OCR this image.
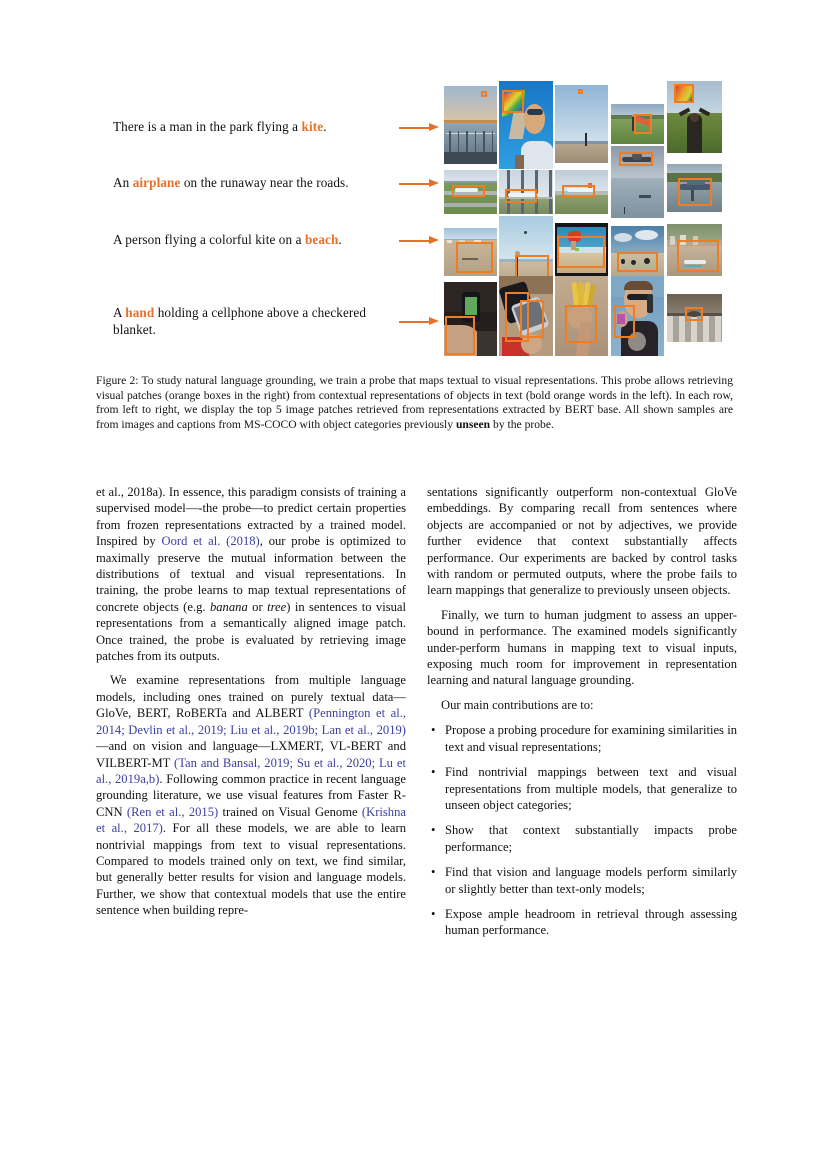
There is a man in the park flying a kite.
An airplane on the runaway near the roads.
A person flying a colorful kite on a beach.
A hand holding a cellphone above a checkered blanket.
Figure 2: To study natural language grounding, we train a probe that maps textual to visual representations. This probe allows retrieving visual patches (orange boxes in the right) from contextual representations of objects in text (bold orange words in the left). In each row, from left to right, we display the top 5 image patches retrieved from representations extracted by BERT base. All shown samples are from images and captions from MS-COCO with object categories previously unseen by the probe.

et al., 2018a). In essence, this paradigm consists of training a supervised model—-the probe—to predict certain properties from frozen representations extracted by a trained model. Inspired by Oord et al. (2018), our probe is optimized to maximally preserve the mutual information between the distributions of textual and visual representations. In training, the probe learns to map textual representations of concrete objects (e.g. banana or tree) in sentences to visual representations from a semantically aligned image patch. Once trained, the probe is evaluated by retrieving image patches from its outputs.

We examine representations from multiple language models, including ones trained on purely textual data—GloVe, BERT, RoBERTa and ALBERT (Pennington et al., 2014; Devlin et al., 2019; Liu et al., 2019b; Lan et al., 2019)—and on vision and language—LXMERT, VL-BERT and VILBERT-MT (Tan and Bansal, 2019; Su et al., 2020; Lu et al., 2019a,b). Following common practice in recent language grounding literature, we use visual features from Faster R-CNN (Ren et al., 2015) trained on Visual Genome (Krishna et al., 2017). For all these models, we are able to learn nontrivial mappings from text to visual representations. Compared to models trained only on text, we find similar, but generally better results for vision and language models. Further, we show that contextual models that use the entire sentence when building repre-

sentations significantly outperform non-contextual GloVe embeddings. By comparing recall from sentences where objects are accompanied or not by adjectives, we provide further evidence that context substantially affects performance. Our experiments are backed by control tasks with random or permuted outputs, where the probe fails to learn mappings that generalize to previously unseen objects.

Finally, we turn to human judgment to assess an upper-bound in performance. The examined models significantly under-perform humans in mapping text to visual inputs, exposing much room for improvement in representation learning and natural language grounding.

Our main contributions are to:

• Propose a probing procedure for examining similarities in text and visual representations;
• Find nontrivial mappings between text and visual representations from multiple models, that generalize to unseen object categories;
• Show that context substantially impacts probe performance;
• Find that vision and language models perform similarly or slightly better than text-only models;
• Expose ample headroom in retrieval through assessing human performance.
